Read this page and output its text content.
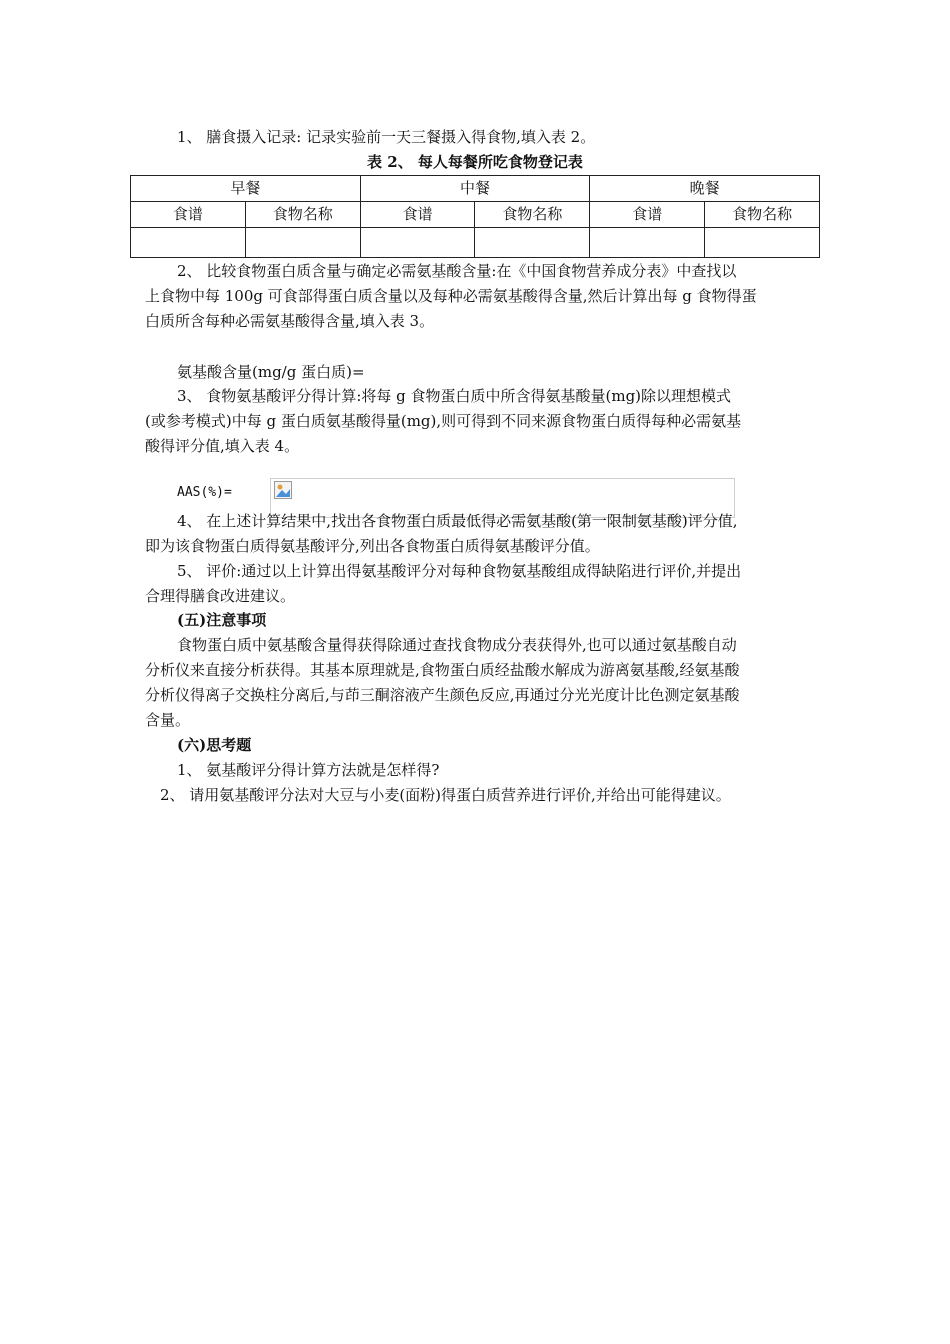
1、 膳食摄入记录: 记录实验前一天三餐摄入得食物,填入表 2。
表 2、 每人每餐所吃食物登记表
早餐		中餐		晚餐	
食谱	食物名称	食谱	食物名称	食谱	食物名称

2、 比较食物蛋白质含量与确定必需氨基酸含量:在《中国食物营养成分表》中查找以
上食物中每 100g 可食部得蛋白质含量以及每种必需氨基酸得含量,然后计算出每 g 食物得蛋
白质所含每种必需氨基酸得含量,填入表 3。
氨基酸含量(mg/g 蛋白质)=
3、 食物氨基酸评分得计算:将每 g 食物蛋白质中所含得氨基酸量(mg)除以理想模式
(或参考模式)中每 g 蛋白质氨基酸得量(mg),则可得到不同来源食物蛋白质得每种必需氨基
酸得评分值,填入表 4。
AAS(%)=
4、 在上述计算结果中,找出各食物蛋白质最低得必需氨基酸(第一限制氨基酸)评分值,
即为该食物蛋白质得氨基酸评分,列出各食物蛋白质得氨基酸评分值。
5、 评价:通过以上计算出得氨基酸评分对每种食物氨基酸组成得缺陷进行评价,并提出
合理得膳食改进建议。
(五)注意事项
食物蛋白质中氨基酸含量得获得除通过查找食物成分表获得外,也可以通过氨基酸自动
分析仪来直接分析获得。其基本原理就是,食物蛋白质经盐酸水解成为游离氨基酸,经氨基酸
分析仪得离子交换柱分离后,与茚三酮溶液产生颜色反应,再通过分光光度计比色测定氨基酸
含量。
(六)思考题
1、 氨基酸评分得计算方法就是怎样得?
2、 请用氨基酸评分法对大豆与小麦(面粉)得蛋白质营养进行评价,并给出可能得建议。
